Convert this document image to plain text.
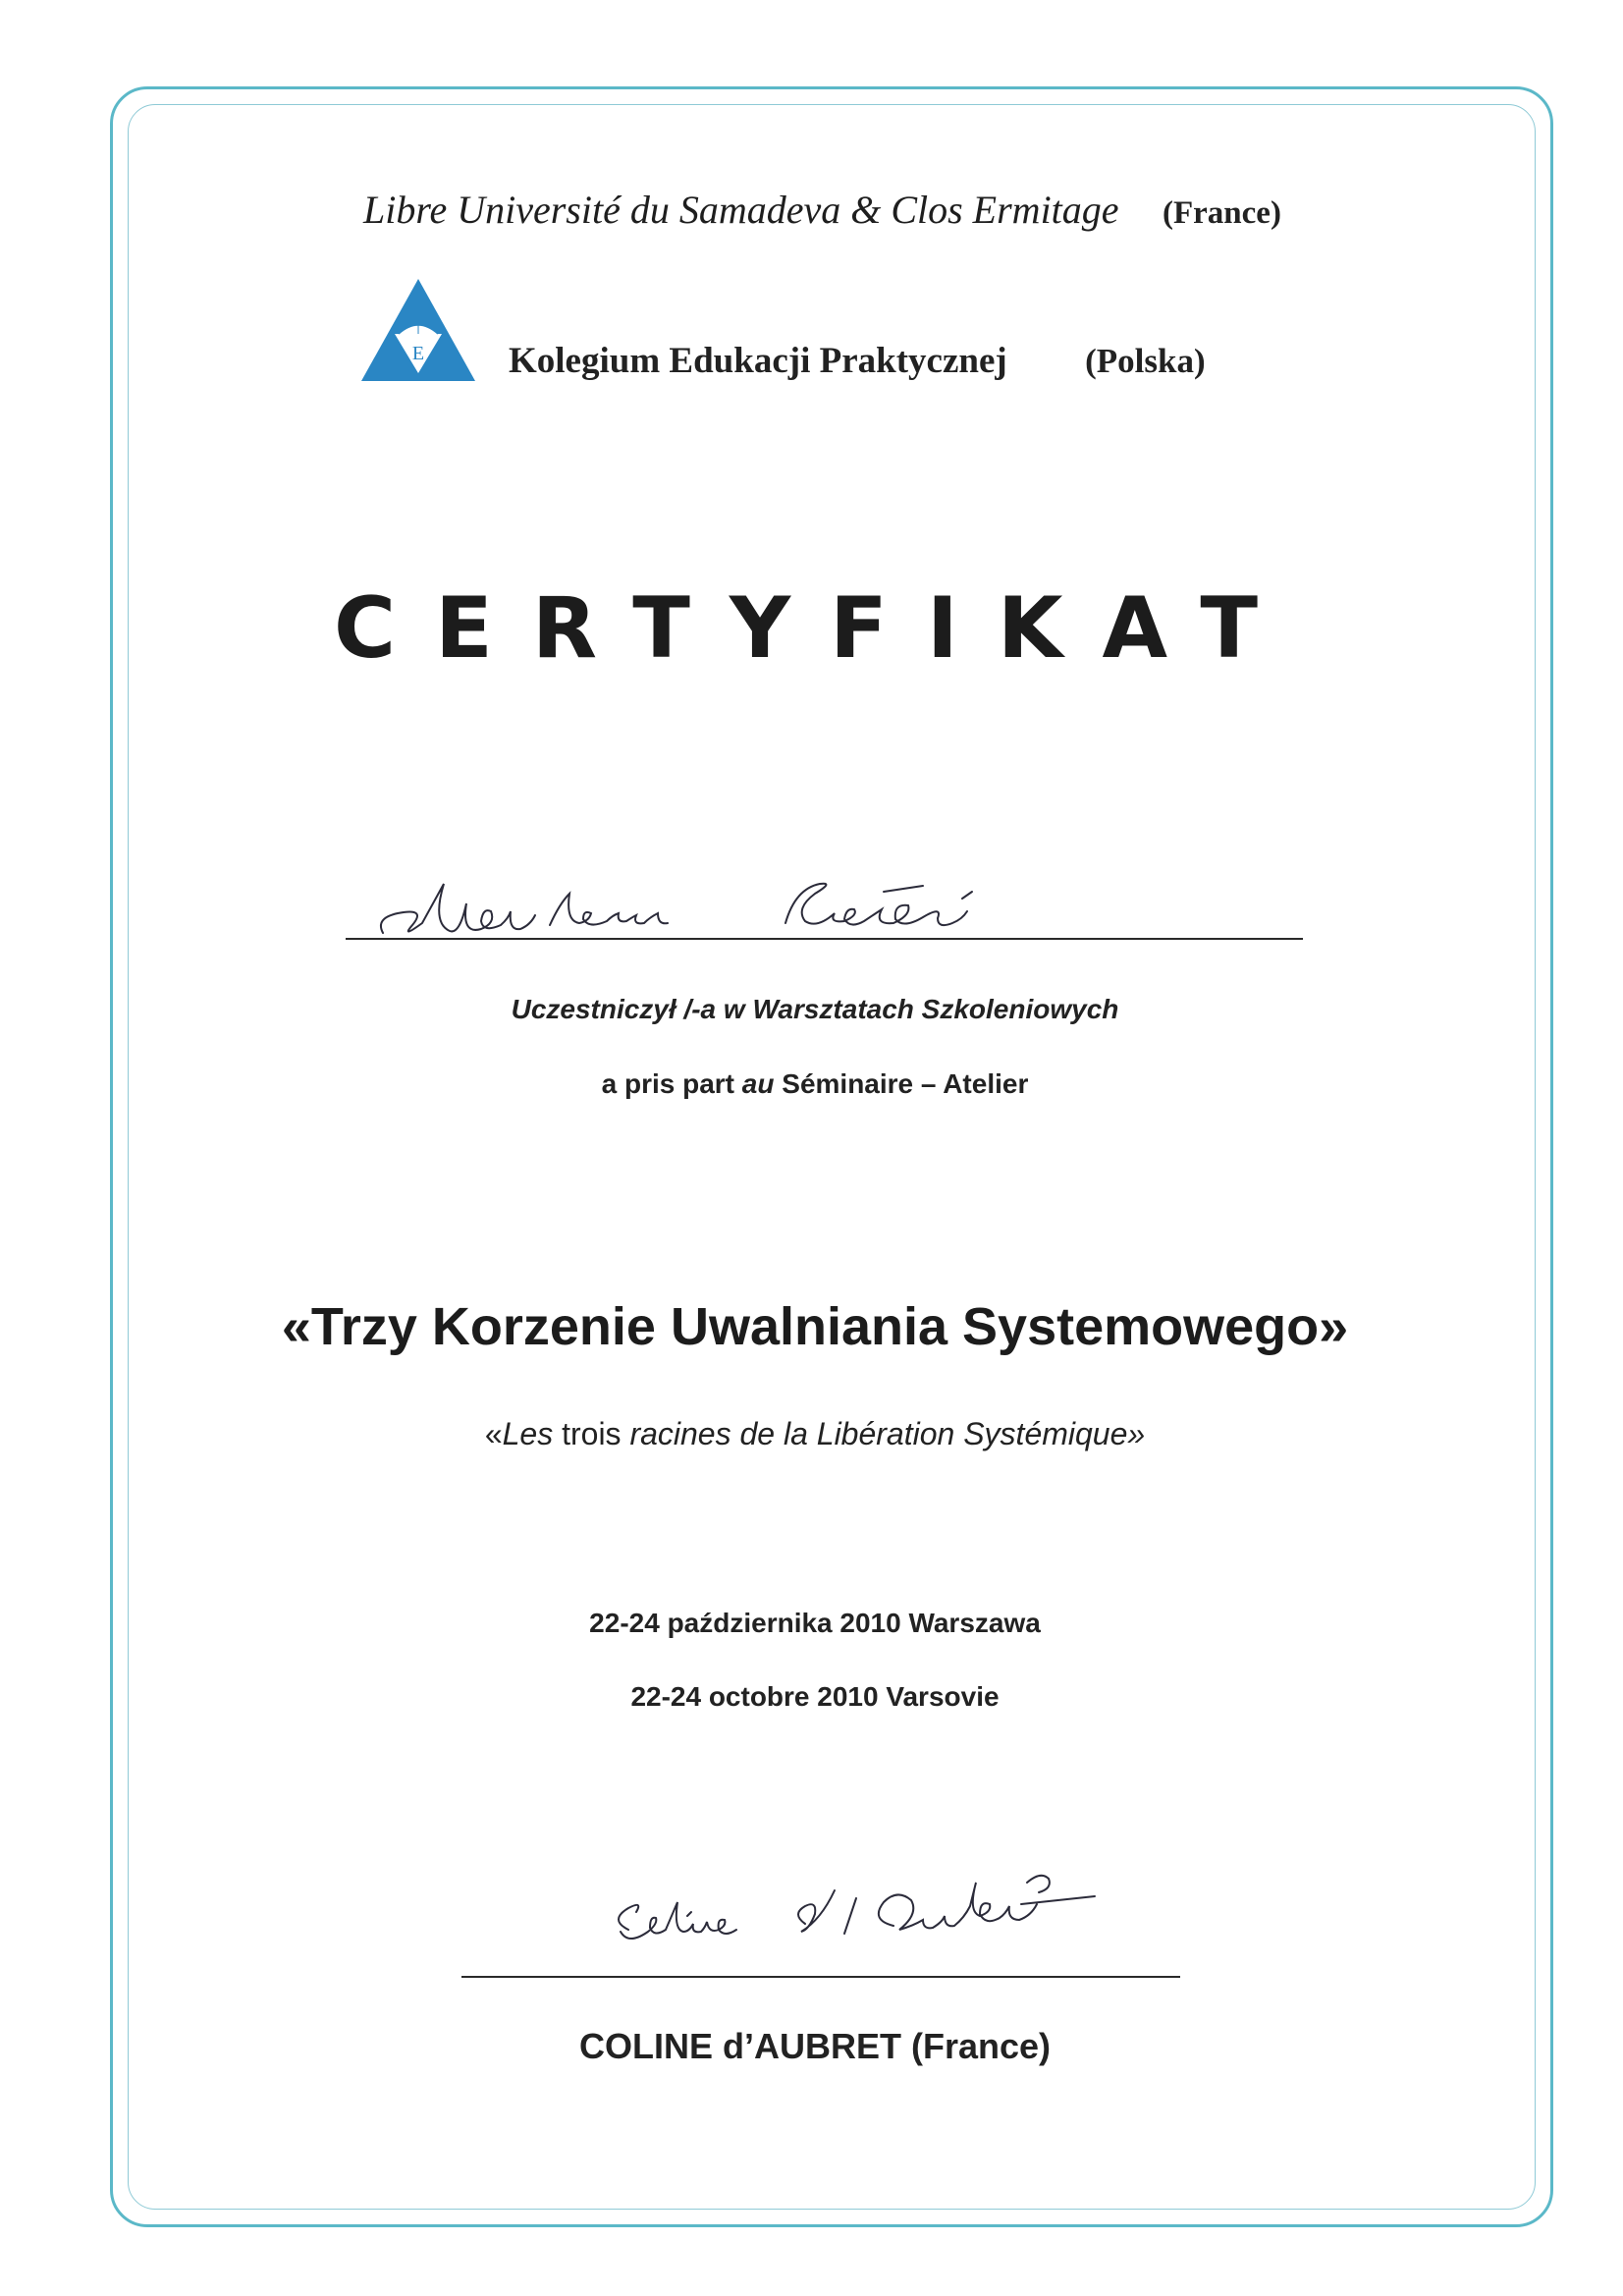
Libre Université du Samadeva & Clos Ermitage (France)
E Kolegium Edukacji Praktycznej (Polska)
CERTYFIKAT
Uczestniczył /-a w Warsztatach Szkoleniowych
a pris part au Séminaire – Atelier
«Trzy Korzenie Uwalniania Systemowego»
«Les trois racines de la Libération Systémique»
22-24 października 2010 Warszawa
22-24 octobre 2010 Varsovie
COLINE d’AUBRET (France)
